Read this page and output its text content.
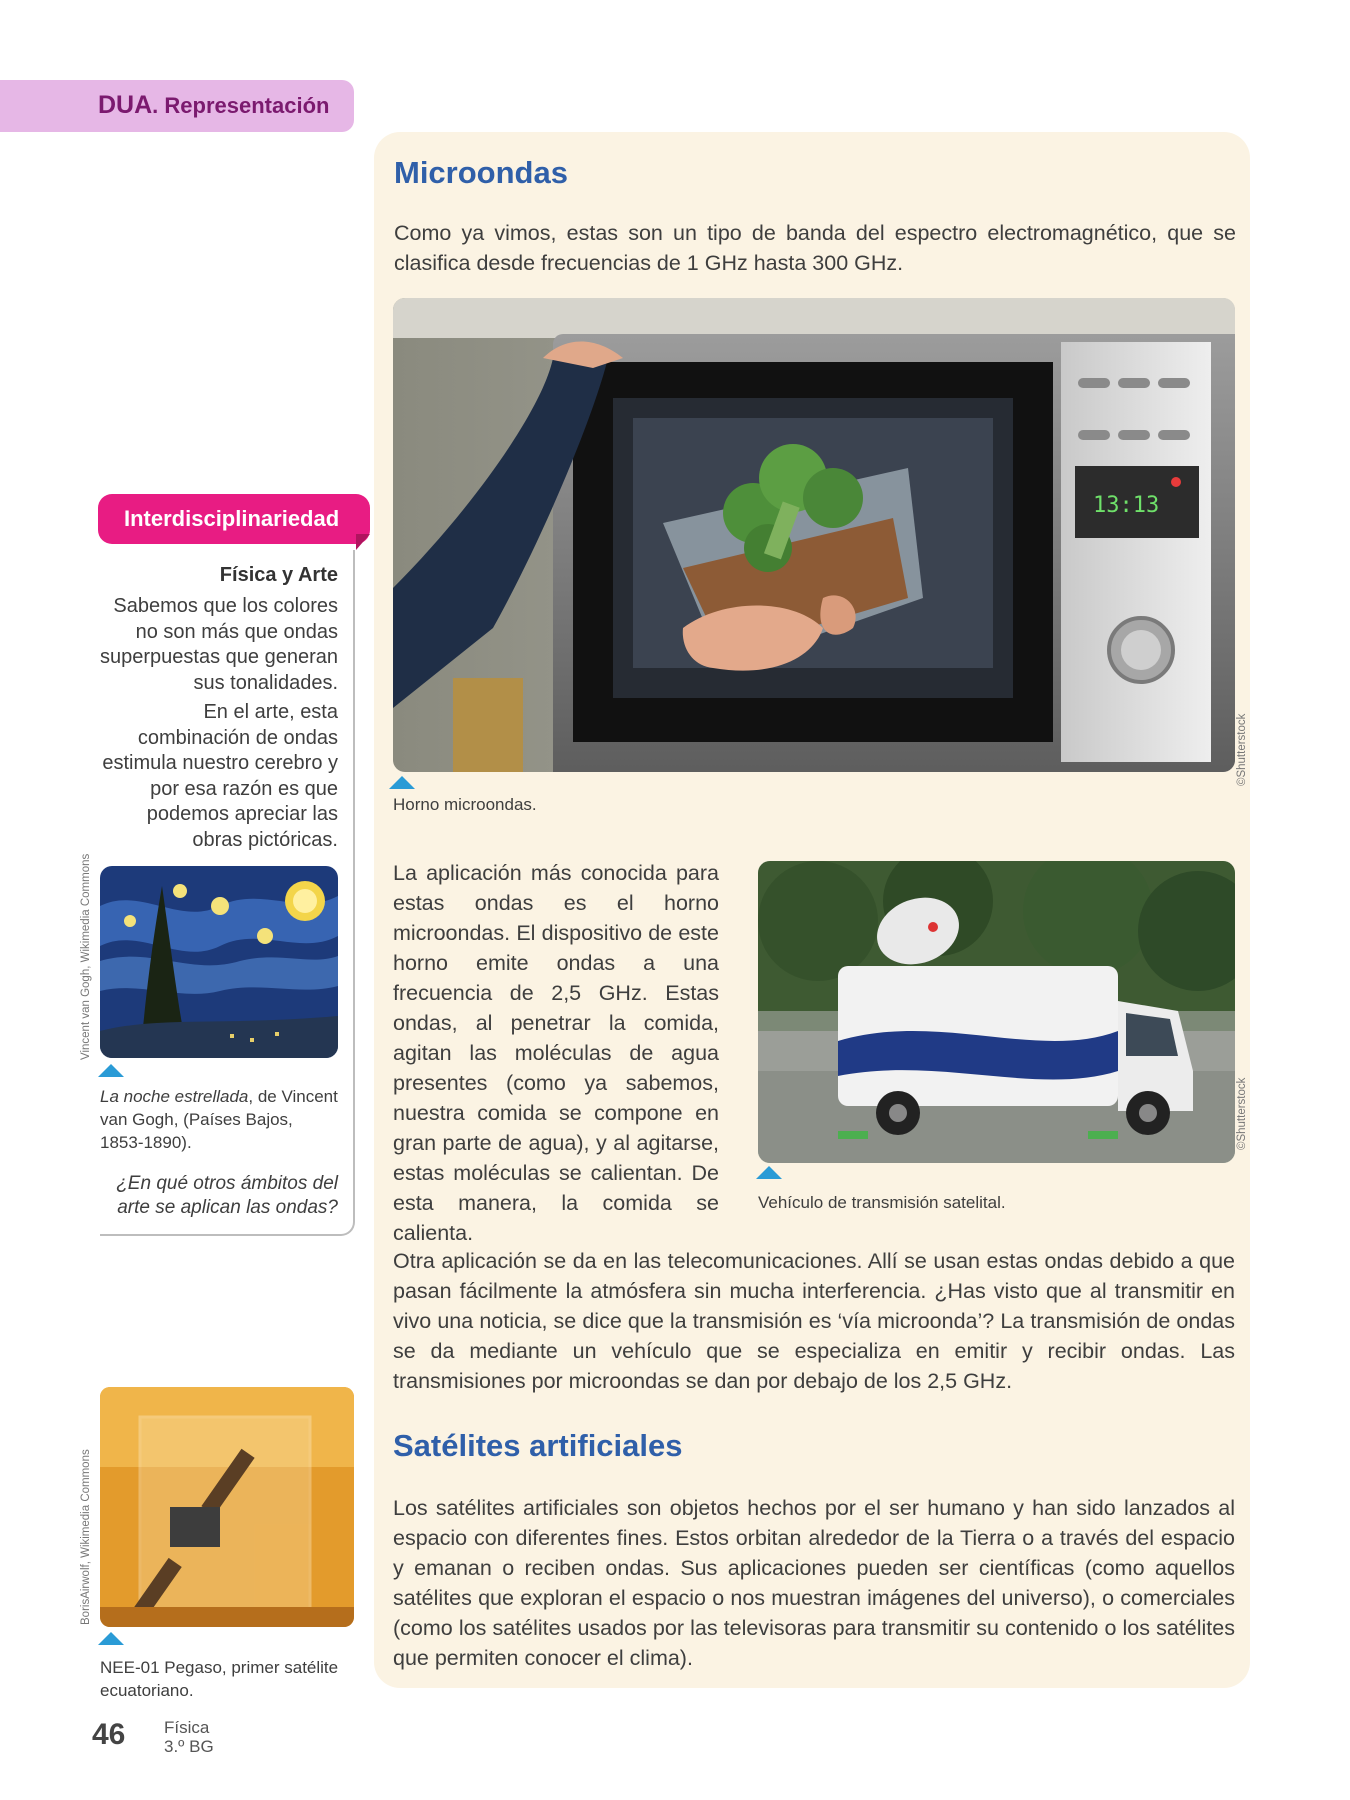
DUA. Representación
Microondas
Como ya vimos, estas son un tipo de banda del espectro electromagnético, que se clasifica desde frecuencias de 1 GHz hasta 300 GHz.
13:13
©Shutterstock
Horno microondas.
La aplicación más conocida para estas ondas es el horno microondas. El dispositivo de este horno emite ondas a una frecuencia de 2,5 GHz. Estas ondas, al penetrar la comida, agitan las moléculas de agua presentes (como ya sabemos, nuestra comida se compone en gran parte de agua), y al agitarse, estas moléculas se calientan. De esta manera, la comida se calienta.
©Shutterstock
Vehículo de transmisión satelital.
Otra aplicación se da en las telecomunicaciones. Allí se usan estas ondas debido a que pasan fácilmente la atmósfera sin mucha interferencia. ¿Has visto que al transmitir en vivo una noticia, se dice que la transmisión es ‘vía microonda’? La transmisión de ondas se da mediante un vehículo que se especializa en emitir y recibir ondas. Las transmisiones por microondas se dan por debajo de los 2,5 GHz.
Satélites artificiales
Los satélites artificiales son objetos hechos por el ser humano y han sido lanzados al espacio con diferentes fines. Estos orbitan alrededor de la Tierra o a través del espacio y emanan o reciben ondas. Sus aplicaciones pueden ser científicas (como aquellos satélites que exploran el espacio o nos muestran imágenes del universo), o comerciales (como los satélites usados por las televisoras para transmitir su contenido o los satélites que permiten conocer el clima).
Interdisciplinariedad
Física y Arte
Sabemos que los colores no son más que ondas superpuestas que generan sus tonalidades.
En el arte, esta combinación de ondas estimula nuestro cerebro y por esa razón es que podemos apreciar las obras pictóricas.
Vincent van Gogh, Wikimedia Commons
La noche estrellada, de Vincent van Gogh, (Países Bajos, 1853-1890).
¿En qué otros ámbitos del arte se aplican las ondas?
BorisAirwolf, Wikimedia Commons
NEE-01 Pegaso, primer satélite ecuatoriano.
46 Física
3.º BG
